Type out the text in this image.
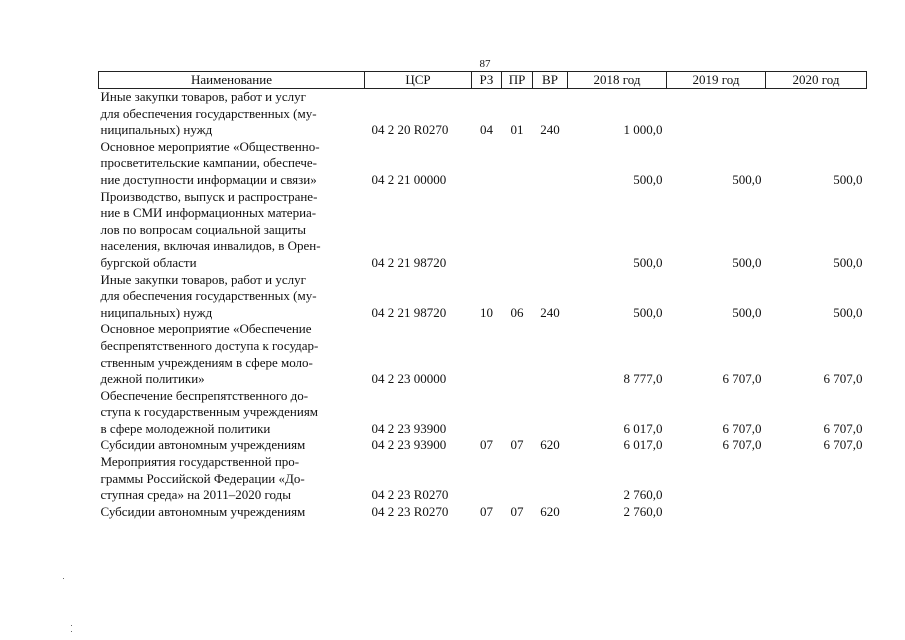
87
Наименование	ЦСР	РЗ	ПР	ВР	2018 год	2019 год	2020 год

Иные закупки товаров, работ и услуг
для обеспечения государственных (му-
ниципальных) нужд	04 2 20 R0270	04	01	240	1 000,0		

Основное мероприятие «Общественно-
просветительские кампании, обеспече-
ние доступности информации и связи»	04 2 21 00000				500,0	500,0	500,0

Производство, выпуск и распростране-
ние в СМИ информационных материа-
лов по вопросам социальной защиты
населения, включая инвалидов, в Орен-
бургской области	04 2 21 98720				500,0	500,0	500,0

Иные закупки товаров, работ и услуг
для обеспечения государственных (му-
ниципальных) нужд	04 2 21 98720	10	06	240	500,0	500,0	500,0

Основное мероприятие «Обеспечение
беспрепятственного доступа к государ-
ственным учреждениям в сфере моло-
дежной политики»	04 2 23 00000				8 777,0	6 707,0	6 707,0

Обеспечение беспрепятственного до-
ступа к государственным учреждениям
в сфере молодежной политики	04 2 23 93900				6 017,0	6 707,0	6 707,0

Субсидии автономным учреждениям	04 2 23 93900	07	07	620	6 017,0	6 707,0	6 707,0

Мероприятия государственной про-
граммы Российской Федерации «До-
ступная среда» на 2011–2020 годы	04 2 23 R0270				2 760,0		

Субсидии автономным учреждениям	04 2 23 R0270	07	07	620	2 760,0		
